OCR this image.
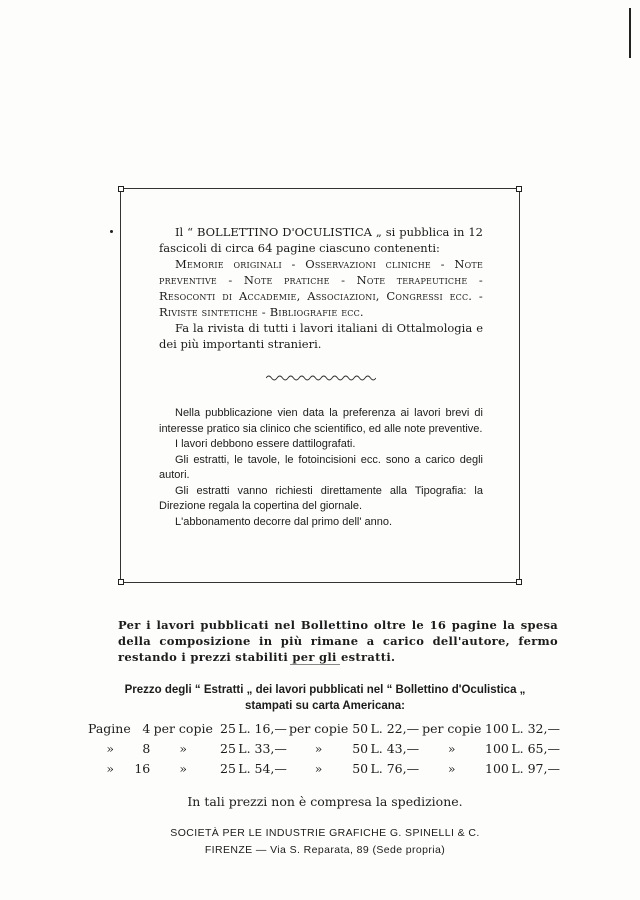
Il “ BOLLETTINO D'OCULISTICA „ si pubblica in 12 fascicoli di circa 64 pagine ciascuno contenenti:

Memorie originali - Osservazioni cliniche - Note preventive - Note pratiche - Note terapeutiche - Resoconti di Accademie, Associazioni, Congressi ecc. - Riviste sintetiche - Bibliografie ecc.

Fa la rivista di tutti i lavori italiani di Ottalmologia e dei più importanti stranieri.

Nella pubblicazione vien data la preferenza ai lavori brevi di interesse pratico sia clinico che scientifico, ed alle note preventive.

I lavori debbono essere dattilografati.

Gli estratti, le tavole, le fotoincisioni ecc. sono a carico degli autori.

Gli estratti vanno richiesti direttamente alla Tipografia: la Direzione regala la copertina del giornale.

L'abbonamento decorre dal primo dell' anno.

Per i lavori pubblicati nel Bollettino oltre le 16 pagine la spesa della composizione in più rimane a carico dell'autore, fermo restando i prezzi stabiliti per gli estratti.

Prezzo degli “ Estratti „ dei lavori pubblicati nel “ Bollettino d'Oculistica „
stampati su carta Americana:
Pagine	4	per copie	25	L. 16,—	per copie	50	L. 22,—	per copie	100	L. 32,—
»	8	»	25	L. 33,—	»	50	L. 43,—	»	100	L. 65,—
»	16	»	25	L. 54,—	»	50	L. 76,—	»	100	L. 97,—

In tali prezzi non è compresa la spedizione.

SOCIETÀ PER LE INDUSTRIE GRAFICHE G. SPINELLI & C.
FIRENZE — Via S. Reparata, 89 (Sede propria)
